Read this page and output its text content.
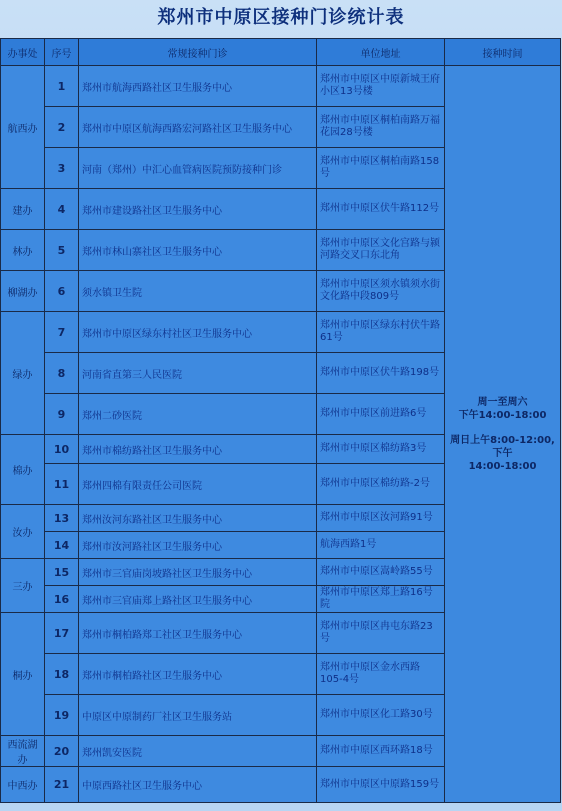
郑州市中原区接种门诊统计表
办事处	序号	常规接种门诊	单位地址	接种时间
航西办	1	郑州市航海西路社区卫生服务中心	郑州市中原区中原新城王府小区13号楼	周一至周六
下午14:00-18:00
周日上午8:00-12:00,下午
14:00-18:00

	2	郑州市中原区航海西路宏河路社区卫生服务中心	郑州市中原区桐柏南路万福花园28号楼	
	3	河南（郑州）中汇心血管病医院预防接种门诊	郑州市中原区桐柏南路158号	
建办	4	郑州市建设路社区卫生服务中心	郑州市中原区伏牛路112号	
林办	5	郑州市林山寨社区卫生服务中心	郑州市中原区文化宫路与颍河路交叉口东北角	
柳湖办	6	须水镇卫生院	郑州市中原区须水镇须水街文化路中段809号	
绿办	7	郑州市中原区绿东村社区卫生服务中心	郑州市中原区绿东村伏牛路61号	
	8	河南省直第三人民医院	郑州市中原区伏牛路198号	
	9	郑州二砂医院	郑州市中原区前进路6号	
棉办	10	郑州市棉纺路社区卫生服务中心	郑州市中原区棉纺路3号	
	11	郑州四棉有限责任公司医院	郑州市中原区棉纺路-2号	
汝办	13	郑州汝河东路社区卫生服务中心	郑州市中原区汝河路91号	
	14	郑州市汝河路社区卫生服务中心	航海西路1号	
三办	15	郑州市三官庙岗坡路社区卫生服务中心	郑州市中原区嵩岭路55号	
	16	郑州市三官庙郑上路社区卫生服务中心	郑州市中原区郑上路16号院	
桐办	17	郑州市桐柏路郑工社区卫生服务中心	郑州市中原区冉屯东路23号	
	18	郑州市桐柏路社区卫生服务中心	郑州市中原区金水西路105-4号	
	19	中原区中原制药厂社区卫生服务站	郑州市中原区化工路30号	
西流湖办	20	郑州凯安医院	郑州市中原区西环路18号	
中西办	21	中原西路社区卫生服务中心	郑州市中原区中原路159号	
